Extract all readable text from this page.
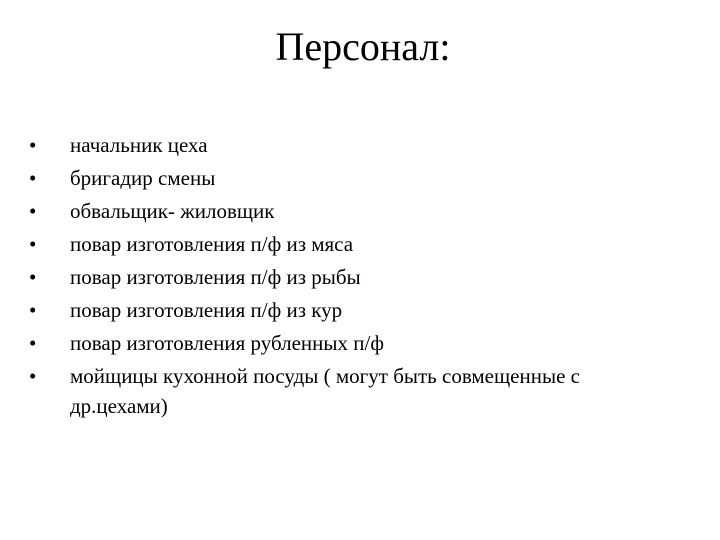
Персонал:
• начальник цеха
• бригадир смены
• обвальщик- жиловщик
• повар изготовления п/ф из мяса
• повар изготовления п/ф из рыбы
• повар изготовления п/ф из кур
• повар изготовления рубленных п/ф
• мойщицы кухонной посуды ( могут быть совмещенные с др.цехами)
